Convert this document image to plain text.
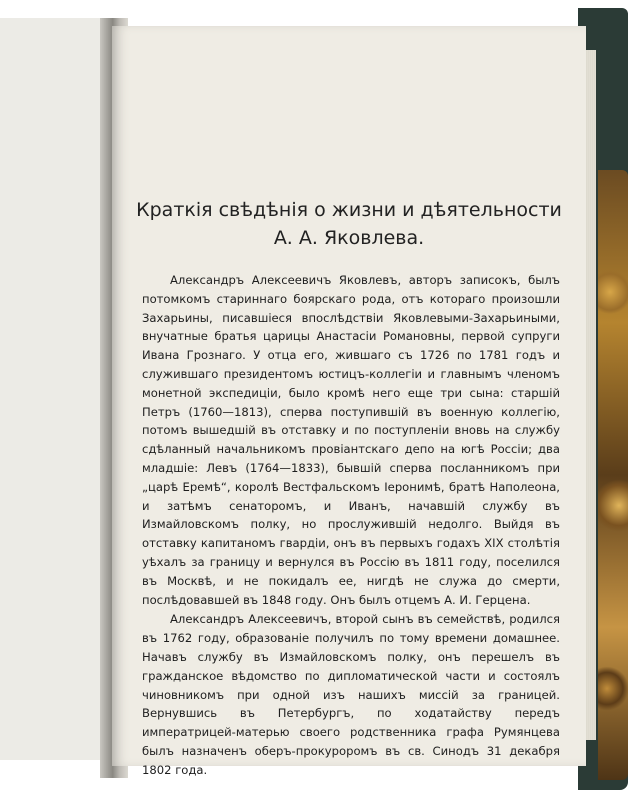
Краткія свѣдѣнія о жизни и дѣятельности
А. А. Яковлева.

Александръ Алексеевичъ Яковлевъ, авторъ записокъ, былъ потомкомъ стариннаго боярскаго рода, отъ котораго произошли Захарьины, писавшіеся впослѣдствіи Яковлевыми-Захарьиными, внучатные братья царицы Анастасіи Романовны, первой супруги Ивана Грознаго. У отца его, жившаго съ 1726 по 1781 годъ и служившаго президентомъ юстицъ-коллегіи и главнымъ членомъ монетной экспедиціи, было кромѣ него еще три сына: старшій Петръ (1760—1813), сперва поступившій въ военную коллегію, потомъ вышедшій въ отставку и по поступленіи вновь на службу сдѣланный начальникомъ провіантскаго депо на югѣ Россіи; два младшіе: Левъ (1764—1833), бывшій сперва посланникомъ при „царѣ Еремѣ“, королѣ Вестфальскомъ Іеронимѣ, братѣ Наполеона, и затѣмъ сенаторомъ, и Иванъ, начавшій службу въ Измайловскомъ полку, но прослужившій недолго. Выйдя въ отставку капитаномъ гвардіи, онъ въ первыхъ годахъ XIX столѣтія уѣхалъ за границу и вернулся въ Россію въ 1811 году, поселился въ Москвѣ, и не покидалъ ее, нигдѣ не служа до смерти, послѣдовавшей въ 1848 году. Онъ былъ отцемъ А. И. Герцена.

Александръ Алексеевичъ, второй сынъ въ семействѣ, родился въ 1762 году, образованіе получилъ по тому времени домашнее. Начавъ службу въ Измайловскомъ полку, онъ перешелъ въ гражданское вѣдомство по дипломатической части и состоялъ чиновникомъ при одной изъ нашихъ миссій за границей. Вернувшись въ Петербургъ, по ходатайству передъ императрицей-матерью своего родственника графа Румянцева былъ назначенъ оберъ-прокуроромъ въ св. Синодъ 31 декабря 1802 года.
